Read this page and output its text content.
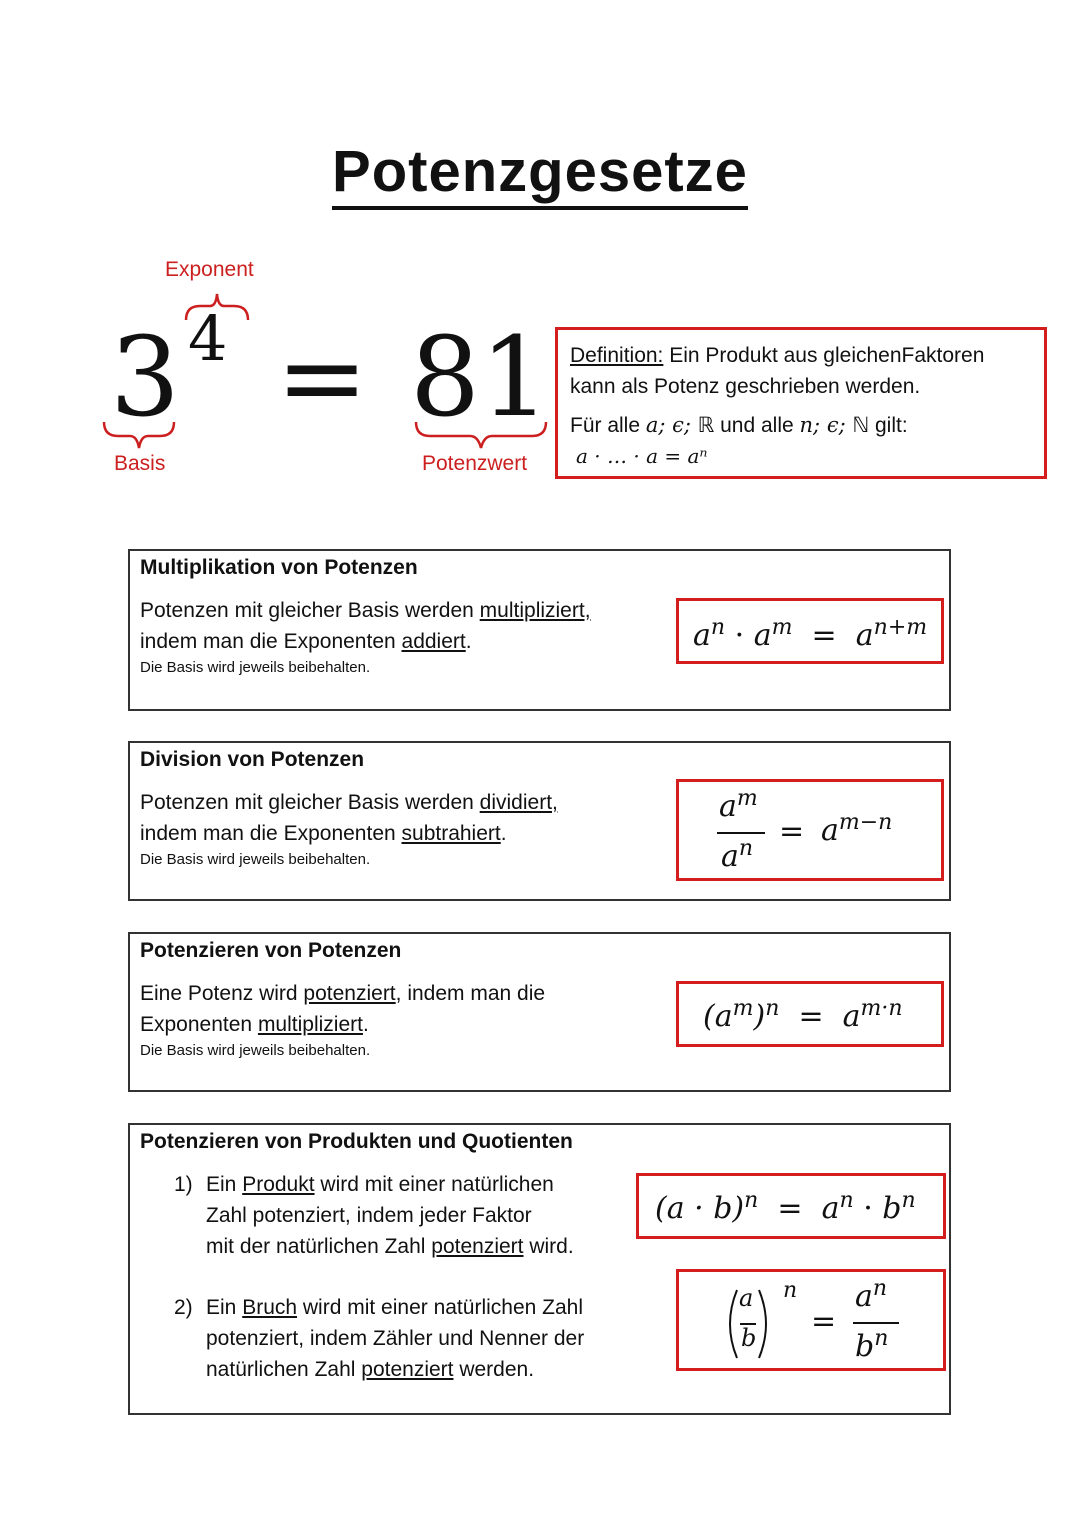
Potenzgesetze
Exponent
3 4 = 81
Basis	Potenzwert
Definition: Ein Produkt aus gleichenFaktoren
kann als Potenz geschrieben werden.
Für alle a; ϵ; ℝ und alle n; ϵ; ℕ gilt:
a · … · a = aⁿ
Multiplikation von Potenzen
Potenzen mit gleicher Basis werden multipliziert,
indem man die Exponenten addiert.
Die Basis wird jeweils beibehalten.
$a^n \cdot a^m = a^{n+m}$
Division von Potenzen
Potenzen mit gleicher Basis werden dividiert,
indem man die Exponenten subtrahiert.
Die Basis wird jeweils beibehalten.
$a^m$
$a^n = a^{m-n}$
Potenzieren von Potenzen
Eine Potenz wird potenziert, indem man die
Exponenten multipliziert.
Die Basis wird jeweils beibehalten.
$(a^m)^n = a^{m\cdot n}$
Potenzieren von Produkten und Quotienten
1) Ein Produkt wird mit einer natürlichen
Zahl potenziert, indem jeder Faktor
mit der natürlichen Zahl potenziert wird.
2) Ein Bruch wird mit einer natürlichen Zahl
potenziert, indem Zähler und Nenner der
natürlichen Zahl potenziert werden.
$(a \cdot b)^n = a^n \cdot b^n$
a
b
n
=
$a^n$
$b^n$
